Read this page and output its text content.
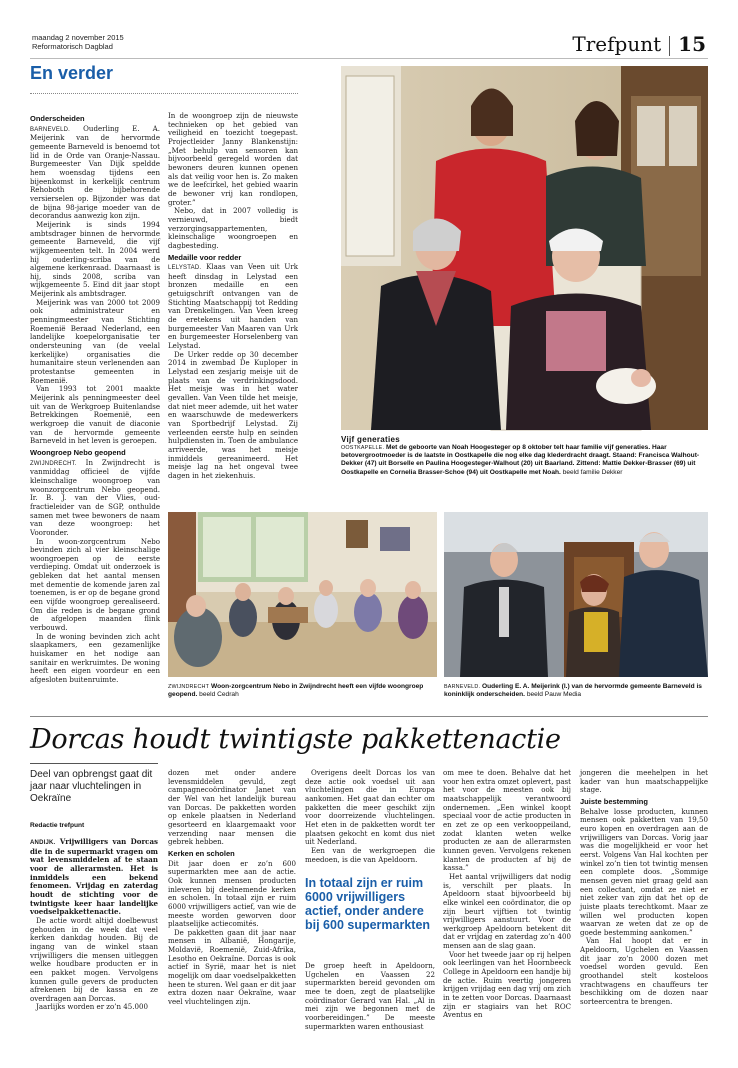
maandag 2 november 2015
Reformatorisch Dagblad	Trefpunt 15
En verder
Onderscheiden

BARNEVELD. Ouderling E. A. Meijerink van de hervormde gemeente Barneveld is benoemd tot lid in de Orde van Oranje-Nassau. Burgemeester Van Dijk speldde hem woensdag tijdens een bijeenkomst in kerkelijk centrum Rehoboth de bijbehorende versierselen op. Bijzonder was dat de bijna 98-jarige moeder van de decorandus aanwezig kon zijn.

Meijerink is sinds 1994 ambtsdrager binnen de hervormde gemeente Barneveld, die vijf wijkgemeenten telt. In 2004 werd hij ouderling-scriba van de algemene kerkenraad. Daarnaast is hij, sinds 2008, scriba van wijkgemeente 5. Eind dit jaar stopt Meijerink als ambtsdrager.

Meijerink was van 2000 tot 2009 ook administrateur en penningmeester van Stichting Roemenië Beraad Nederland, een landelijke koepelorganisatie ter ondersteuning van (de veelal kerkelijke) organisaties die humanitaire steun verlenenden aan protestantse gemeenten in Roemenië.

Van 1993 tot 2001 maakte Meijerink als penningmeester deel uit van de Werkgroep Buitenlandse Betrekkingen Roemenië, een werkgroep die vanuit de diaconie van de hervormde gemeente Barneveld in het leven is geroepen.

Woongroep Nebo geopend

ZWIJNDRECHT. In Zwijndrecht is vanmiddag officieel de vijfde kleinschalige woongroep van woonzorgcentrum Nebo geopend. Ir. B. J. van der Vlies, oud-fractieleider van de SGP, onthulde samen met twee bewoners de naam van deze woongroep: het Vooronder.

In woon-zorgcentrum Nebo bevinden zich al vier kleinschalige woongroepen op de eerste verdieping. Omdat uit onderzoek is gebleken dat het aantal mensen met dementie de komende jaren zal toenemen, is er op de begane grond een vijfde woongroep gerealiseerd. Om die reden is de begane grond de afgelopen maanden flink verbouwd.

In de woning bevinden zich acht slaapkamers, een gezamenlijke huiskamer en het nodige aan sanitair en werkruimtes. De woning heeft een eigen voordeur en een afgesloten buitenruimte.

In de woongroep zijn de nieuwste technieken op het gebied van veiligheid en toezicht toegepast. Projectleider Janny Blankenstijn: „Met behulp van sensoren kan bijvoorbeeld geregeld worden dat bewoners deuren kunnen openen als dat veilig voor hen is. Zo maken we de leefcirkel, het gebied waarin de bewoner vrij kan rondlopen, groter.”

Nebo, dat in 2007 volledig is vernieuwd, biedt verzorgingsappartementen, kleinschalige woongroepen en dagbesteding.

Medaille voor redder

LELYSTAD. Klaas van Veen uit Urk heeft dinsdag in Lelystad een bronzen medaille en een getuigschrift ontvangen van de Stichting Maatschappij tot Redding van Drenkelingen. Van Veen kreeg de eretekens uit handen van burgemeester Van Maaren van Urk en burgemeester Horselenberg van Lelystad.

De Urker redde op 30 december 2014 in zwembad De Kuploper in Lelystad een zesjarig meisje uit de plaats van de verdrinkingsdood. Het meisje was in het water gevallen. Van Veen tilde het meisje, dat niet meer ademde, uit het water en waarschuwde de medewerkers van Sportbedrijf Lelystad. Zij verleenden eerste hulp en seinden hulpdiensten in. Toen de ambulance arriveerde, was het meisje inmiddels gereanimeerd. Het meisje lag na het ongeval twee dagen in het ziekenhuis.

Vijf generaties
OOSTKAPELLE. Met de geboorte van Noah Hoogesteger op 8 oktober telt haar familie vijf generaties. Haar betovergrootmoeder is de laatste in Oostkapelle die nog elke dag klederdracht draagt. Staand: Francisca Walhout-Dekker (47) uit Borselle en Paulina Hoogesteger-Walhout (20) uit Baarland. Zittend: Mattie Dekker-Brasser (69) uit Oostkapelle en Cornelia Brasser-Schoe (94) uit Oostkapelle met Noah. beeld familie Dekker
ZWIJNDRECHT Woon-zorgcentrum Nebo in Zwijndrecht heeft een vijfde woongroep geopend. beeld Cedrah
BARNEVELD. Ouderling E. A. Meijerink (l.) van de hervormde gemeente Barneveld is koninklijk onderscheiden. beeld Pauw Media
Dorcas houdt twintigste pakkettenactie
Deel van opbrengst gaat dit jaar naar vluchtelingen in Oekraïne
Redactie trefpunt

ANDIJK. Vrijwilligers van Dorcas die in de supermarkt vragen om wat levensmiddelen af te staan voor de allerarmsten. Het is inmiddels een bekend fenomeen. Vrijdag en zaterdag houdt de stichting voor de twintigste keer haar landelijke voedselpakkettenactie.

De actie wordt altijd doelbewust gehouden in de week dat veel kerken dankdag houden. Bij de ingang van de winkel staan vrijwilligers die mensen uitleggen welke houdbare producten er in een pakket mogen. Vervolgens kunnen gulle gevers de producten afrekenen bij de kassa en ze overdragen aan Dorcas.

Jaarlijks worden er zo’n 45.000

dozen met onder andere levensmiddelen gevuld, zegt campagnecoördinator Janet van der Wel van het landelijk bureau van Dorcas. De pakketten worden op enkele plaatsen in Nederland gesorteerd en klaargemaakt voor verzending naar mensen die gebrek hebben.

Kerken en scholen

Dit jaar doen er zo’n 600 supermarkten mee aan de actie. Ook kunnen mensen producten inleveren bij deelnemende kerken en scholen. In totaal zijn er ruim 6000 vrijwilligers actief, van wie de meeste worden geworven door plaatselijke actiecomités.

De pakketten gaan dit jaar naar mensen in Albanië, Hongarije, Moldavië, Roemenië, Zuid-Afrika, Lesotho en Oekraïne. Dorcas is ook actief in Syrië, maar het is niet mogelijk om daar voedselpakketten heen te sturen. Wel gaan er dit jaar extra dozen naar Oekraïne, waar veel vluchtelingen zijn.

Overigens deelt Dorcas los van deze actie ook voedsel uit aan vluchtelingen die in Europa aankomen. Het gaat dan echter om pakketten die meer geschikt zijn voor doorreizende vluchtelingen. Het eten in de pakketten wordt ter plaatsen gekocht en komt dus niet uit Nederland.

Een van de werkgroepen die meedoen, is die van Apeldoorn.

In totaal zijn er ruim 6000 vrijwilligers actief, onder andere bij 600 supermarkten

De groep heeft in Apeldoorn, Ugchelen en Vaassen 22 supermarkten bereid gevonden om mee te doen, zegt de plaatselijke coördinator Gerard van Hal. „Al in mei zijn we begonnen met de voorbereidingen.” De meeste supermarkten waren enthousiast

om mee te doen. Behalve dat het voor hen extra omzet oplevert, past het voor de meesten ook bij maatschappelijk verantwoord ondernemen. „Een winkel koopt speciaal voor de actie producten in en zet ze op een verkooppeiland, zodat klanten weten welke producten ze aan de allerarmsten kunnen geven. Vervolgens rekenen klanten de producten af bij de kassa.”

Het aantal vrijwilligers dat nodig is, verschilt per plaats. In Apeldoorn staat bijvoorbeeld bij elke winkel een coördinator, die op zijn beurt vijftien tot twintig vrijwilligers aanstuurt. Voor de werkgroep Apeldoorn betekent dit dat er vrijdag en zaterdag zo’n 400 mensen aan de slag gaan.

Voor het tweede jaar op rij helpen ook leerlingen van het Hoornbeeck College in Apeldoorn een handje bij de actie. Ruim veertig jongeren krijgen vrijdag een dag vrij om zich in te zetten voor Dorcas. Daarnaast zijn er stagiairs van het ROC Aventus en

jongeren die meehelpen in het kader van hun maatschappelijke stage.

Juiste bestemming

Behalve losse producten, kunnen mensen ook pakketten van 19,50 euro kopen en overdragen aan de vrijwilligers van Dorcas. Vorig jaar was die mogelijkheid er voor het eerst. Volgens Van Hal kochten per winkel zo’n tien tot twintig mensen een complete doos. „Sommige mensen geven niet graag geld aan een collectant, omdat ze niet er niet zeker van zijn dat het op de juiste plaats terechtkomt. Maar ze willen wel producten kopen waarvan ze weten dat ze op de goede bestemming aankomen.”

Van Hal hoopt dat er in Apeldoorn, Ugchelen en Vaassen dit jaar zo’n 2000 dozen met voedsel worden gevuld. Een groothandel stelt kosteloos vrachtwagens en chauffeurs ter beschikking om de dozen naar sorteercentra te brengen.
